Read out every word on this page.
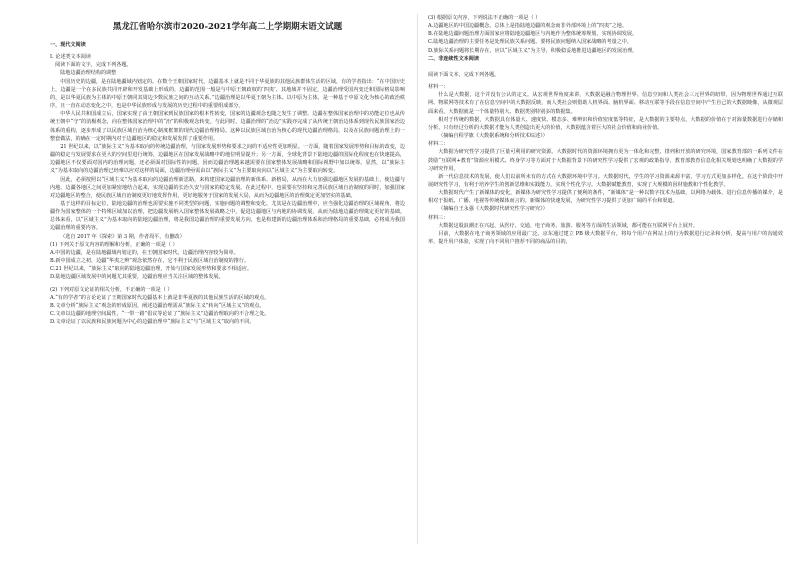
黑龙江省哈尔滨市2020-2021学年高二上学期期末语文试题
一、现代文阅读
I. 论述类文本阅读
阅读下面的文字，完成下列各题。
陆地边疆治理结构的调整
中国历史的边疆，是在陆地疆域内划定的。在数个王朝国家时代，边疆基本上就是不同于华夏族的其他民族群体生活的区域，有的学者指出：“在中国历史上，边疆是一个在多民族共同开辟和开发基础上形成的，边疆的范围一般是与中原王朝政权的‘四夷’、其地域并不固定，边疆治理受国内变迁和国际格局影响的，是以华夏民族为主体的中原王朝同其周边少数民族之间的互动关系。”边疆治理是以华夏王朝为主体、以中原为主体，是一种基于中原文化为核心的政治秩序，且一直在动态变化之中，也是中华民族形成与发展的历史过程中的重要组成部分。
中华人民共和国成立后，国家实现了由王朝国家到民族国家的根本性转变，国家的边疆观念也随之发生了调整。边疆在整体国家治理中的功能定位也从传统王朝中“守”的消极观念，向在整体国家治理中的“治”的积极观念转变。与此同时，边疆治理的“治边”实践亦完成了从传统王朝治边体系到现代民族国家治边体系的重构，逐步形成了以民族区域自治为核心制度框架的现代边疆治理格局。这种以民族区域自治为核心的现代边疆治理格局，以及在民族问题治理上的一整套做法，的确在一定时期内对于边疆地区的稳定和发展发挥了重要作用。
21 世纪以来，以“族际主义”为基本取向的传统边疆治理，与国家发展形势和要求之间的不适应性更加明显。一方面，随着国家发展形势和目标的改变，边疆的稳定与发展要求在更大的空间里进行统筹，边疆地区在国家发展战略中的地位明显提升；另一方面，全球化背景下陆地边疆的国际化程度也在快速提高，边疆地区不仅要面对国内的治理问题，还必须面对国际性的问题，因而边疆治理越来越需要在国家整体发展战略和国际视野中加以统筹。显然，以“族际主义”为基本取向的边疆治理已经难以应对这样的局面，边疆治理亟需由以“族际主义”为主要取向向以“区域主义”为主要取向转变。
因此，必须按照以“区域主义”为基本取向的边疆治理新思路，来构建国家边疆治理的新体系、新格局，从而在大力加强边疆地区发展的基础上，使边疆与内地、边疆各地区之间更加紧密地结合起来，实现边疆的长治久安与国家的稳定发展。在此过程中，也需要在坚持和完善民族区域自治制度的同时，加强国家对边疆地区的整合，使民族区域自治制度更好地发挥作用，更好地服务于国家的发展大局，从而为边疆地区的治理奠定更加坚实的基础。
基于这样的目标定位，陆地边疆的治理也需要实施不同类型的问题，实施问题的调整和变化。尤其是在边疆治理中，应当强化边疆治理的区域视角，将边疆作为国家整体的一个特殊区域加以治理，把边疆发展纳入国家整体发展战略之中，促进边疆地区与内地的协调发展，从而为陆地边疆治理奠定更好的基础。总体来看，以“区域主义”为基本取向的陆地边疆治理，将是我国边疆治理的重要发展方向，也是构建新的边疆治理体系和治理格局的重要基础，必将成为我国边疆治理的重要内容。
（选自 2017 年《探索》第 3 期，作者周平，有删改）
(1) 下列关于原文内容的理解和分析，正确的一项是（ ）
A.中国的边疆，是在陆地疆域内划定的，在王朝国家时代，边疆治理内容较为简单。
B.新中国成立之初，边疆“华夷之辨”观念依然存在，它不利于民族区域自治制度的推行。
C.21 世纪以来，“族际主义”取向的陆地边疆治理，开始与国家发展形势和要求不相适应。
D.陆地边疆区域发展中的问题尤其重要，边疆治理应当关注区域的整体发展。
(2) 下列对原文论证的相关分析，不正确的一项是（ ）
A.“有的学者”的言论论证了王朝国家时代边疆基本上就是非华夏族的其他民族生活的区域的观点。
B.文章分析“族际主义”观念的形成原因，阐述边疆治理需从“族际主义”转向“区域主义”的观点。
C.文章以边疆的地理空间属性，“一带一路”倡议等论证了“族际主义”边疆治理取向的不合理之处。
D.文章论证了以民族和民族问题为中心的边疆治理中“族际主义”与“区域主义”取向的不同。
(3) 根据原文内容，下列说法不正确的一项是（ ）
A.边疆地区的中国边疆概念，总体上是指陆地边疆的观念而非外部环境上的“四夷”之地。
B.在陆地边疆问题治理方面国家应将陆地边疆地区与内地作为整体统筹规划，实现协调发展。
C.陆地边疆治理的主要任务是处理民族关系问题，要将民族问题纳入国家战略的考量之中。
D.族际关系问题将长期存在，应以“区域主义”为主导，积极稳妥地推进边疆地区的发展治理。
二、非连续性文本阅读
阅读下面文本，完成下列各题。
材料一：
什么是大数据，这个并没有公认的定义。从宏观世界角度来讲，大数据是融合物理世界、信息空间和人类社会三元世界的纽带，因为物理世界通过互联网、物联网等技术有了在信息空间中的大数据反映，而人类社会则借助人机界面、脑机界面、移动互联等手段在信息空间中产生自己的大数据映像，从微观层面来看，大数据就是一个体量特别大、数据类别特别多的数据集。
相对于传统的数据，大数据具有体量大、速度快、模态多、难辨识和价值密度低等特征，是大数据的主要特点，大数据的价值在于对海量数据进行存储和分析。只有经过分析的大数据才能为人类创造出更大的价值，大数据蕴含着巨大的社会价值和商业价值。
（摘编自程学旗《大数据系统和分析技术综述》）
材料二：
大数据为研究性学习提供了巨量可利用的研究资源。大数据时代的资源环境拥有更为一体化和完整、排列和开放的研究环境，国家教育部的一系列文件在鼓励“互联网+教育”资源应用模式、终身学习等方面对于大数据背景下的研究性学习提供了宏观的政策指导，教育部教育信息化相关规划也明确了大数据的学习研究作用。
新一代信息技术的发展，使人们以前所未有的方式在大数据环境中学习。大数据时代，学生的学习资源来源丰富，学习方式更加多样化。在这个阶段中开展研究性学习，有利于培养学生的创新思维和实践能力，实现个性化学习。大数据赋能教育，实现了大规模的因材施教和个性化教学。
大数据时代产生了新媒体的变化，新媒体为研究性学习提供了便利的条件，“新媒体”是一种以数字技术为基础，以网络为载体，进行信息传播的媒介，是相对于报纸、广播、电视等传统媒体而言的。新媒体的快速发展，为研究性学习提供了更加广阔的平台和渠道。
（摘编自王永强《大数据时代研究性学习研究》）
材料三：
大数据这股浪潮正在兴起，从医疗、交通、电子商务、旅游、服务等方面的生活领域，都可能在互联网平台上展开。
目前，大数据在电子商务领域的应用最广泛。京东通过建立 PB 级大数据平台，将每个用户在网站上的行为数据进行记录和分析，提高与用户的沟通效率，提升用户体验，实现了向不同用户推荐不同的商品的目的。
